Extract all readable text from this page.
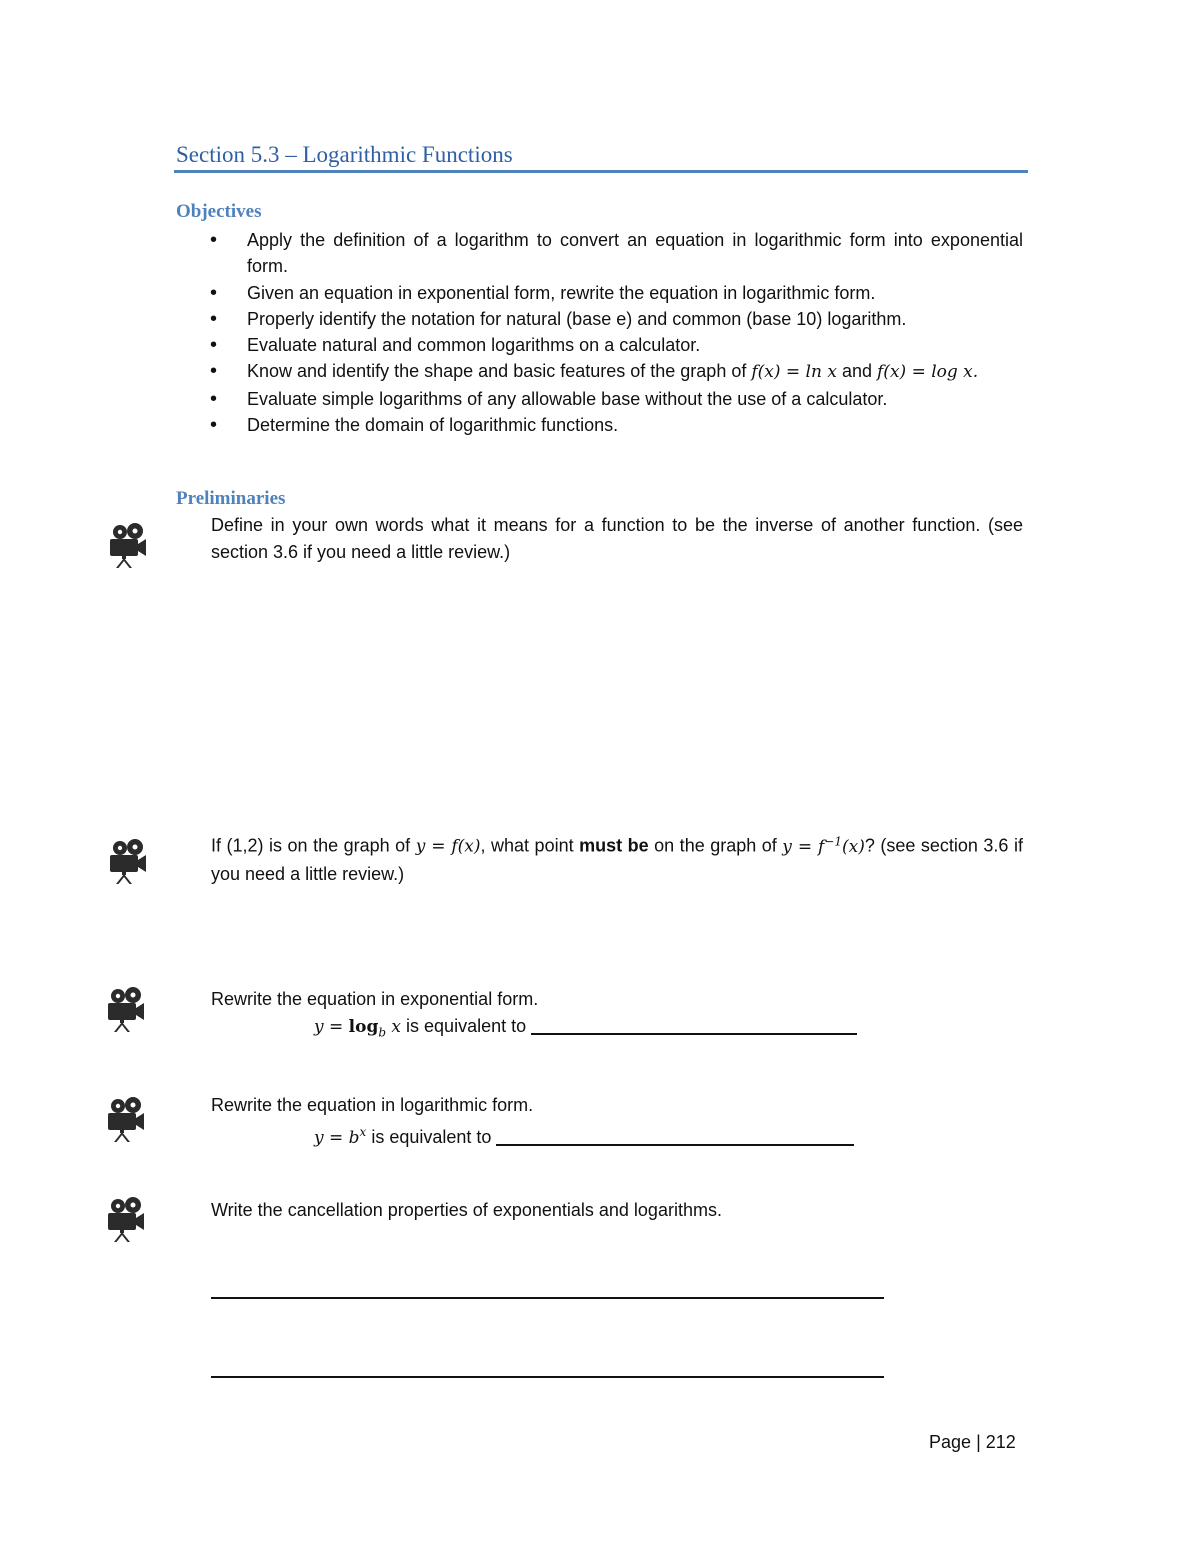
Section 5.3 – Logarithmic Functions
Objectives
• Apply the definition of a logarithm to convert an equation in logarithmic form into exponential form.
• Given an equation in exponential form, rewrite the equation in logarithmic form.
• Properly identify the notation for natural (base e) and common (base 10) logarithm.
• Evaluate natural and common logarithms on a calculator.
• Know and identify the shape and basic features of the graph of f(x) = ln x and f(x) = log x.
• Evaluate simple logarithms of any allowable base without the use of a calculator.
• Determine the domain of logarithmic functions.
Preliminaries
Define in your own words what it means for a function to be the inverse of another function. (see section 3.6 if you need a little review.)
If (1,2) is on the graph of y = f(x), what point must be on the graph of $y = f^{-1}(x)$? (see section 3.6 if you need a little review.)
Rewrite the equation in exponential form.
$y = \log_b x$ is equivalent to
Rewrite the equation in logarithmic form.
$y = b^x$ is equivalent to
Write the cancellation properties of exponentials and logarithms.
Page | 212
